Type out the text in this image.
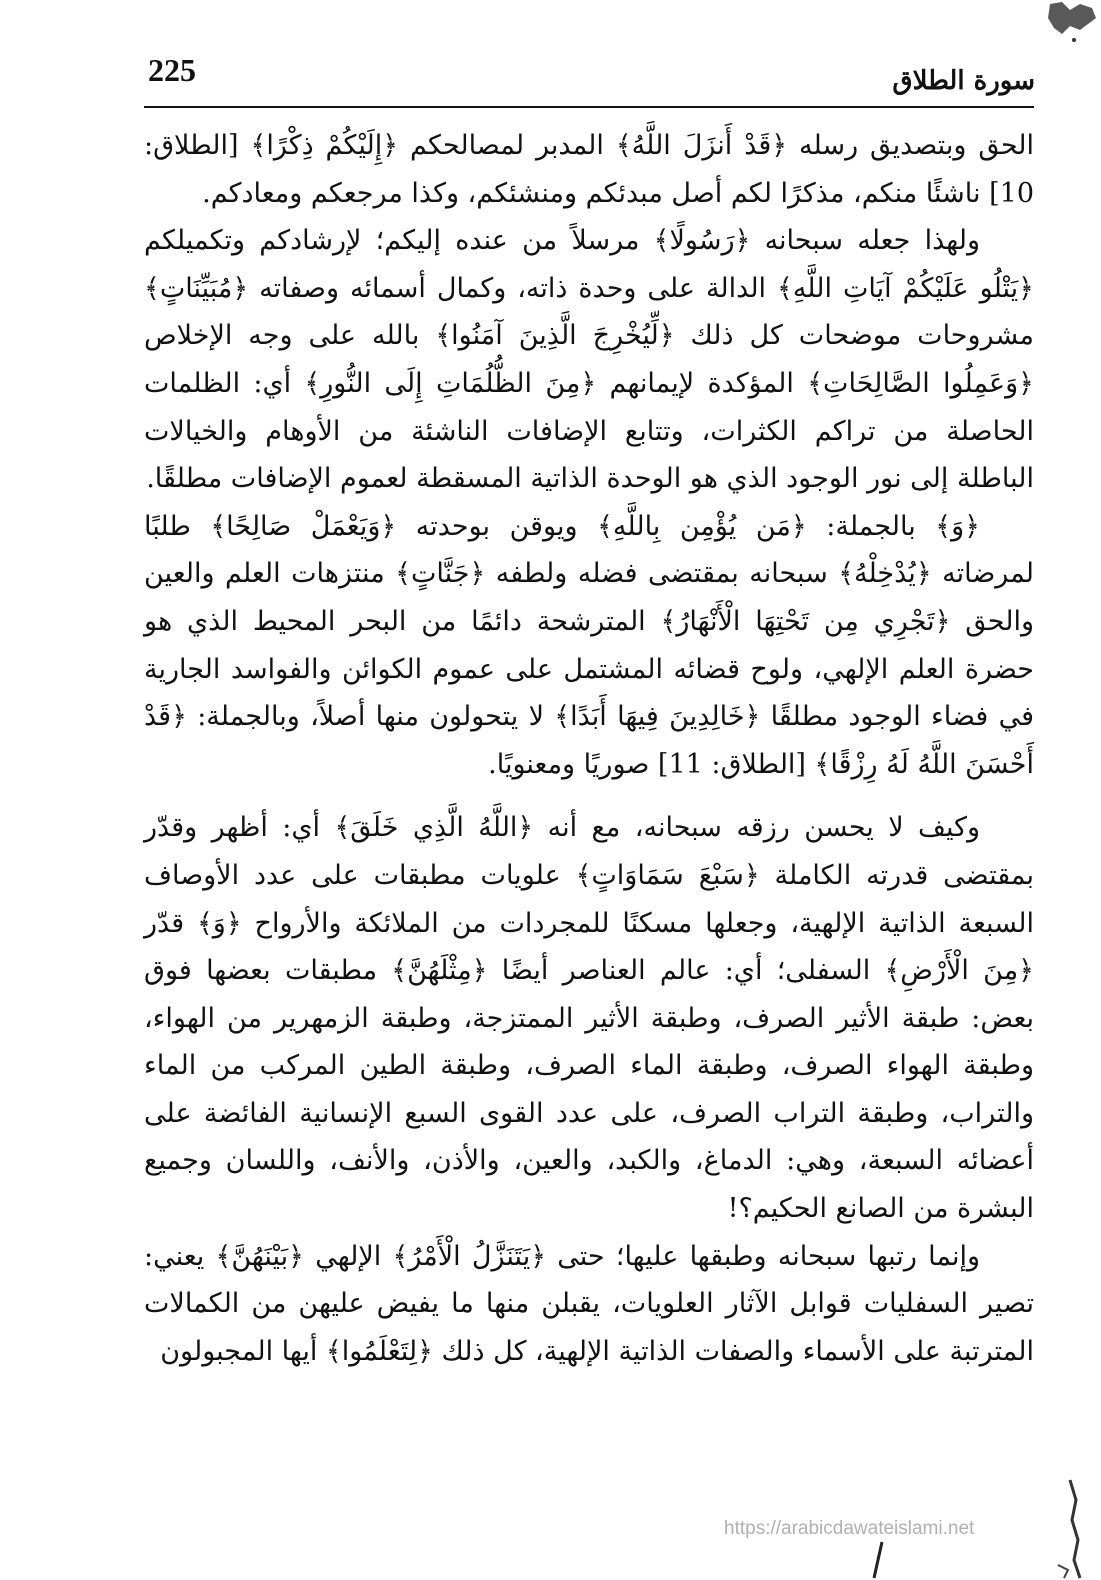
225	سورة الطلاق

الحق وبتصديق رسله ﴿قَدْ أَنزَلَ اللَّهُ﴾ المدبر لمصالحكم ﴿إِلَيْكُمْ ذِكْرًا﴾ [الطلاق: 10] ناشئًا منكم، مذكرًا لكم أصل مبدئكم ومنشئكم، وكذا مرجعكم ومعادكم.

ولهذا جعله سبحانه ﴿رَسُولًا﴾ مرسلاً من عنده إليكم؛ لإرشادكم وتكميلكم ﴿يَتْلُو عَلَيْكُمْ آيَاتِ اللَّهِ﴾ الدالة على وحدة ذاته، وكمال أسمائه وصفاته ﴿مُبَيِّنَاتٍ﴾ مشروحات موضحات كل ذلك ﴿لِّيُخْرِجَ الَّذِينَ آمَنُوا﴾ بالله على وجه الإخلاص ﴿وَعَمِلُوا الصَّالِحَاتِ﴾ المؤكدة لإيمانهم ﴿مِنَ الظُّلُمَاتِ إِلَى النُّورِ﴾ أي: الظلمات الحاصلة من تراكم الكثرات، وتتابع الإضافات الناشئة من الأوهام والخيالات الباطلة إلى نور الوجود الذي هو الوحدة الذاتية المسقطة لعموم الإضافات مطلقًا.

﴿وَ﴾ بالجملة: ﴿مَن يُؤْمِن بِاللَّهِ﴾ ويوقن بوحدته ﴿وَيَعْمَلْ صَالِحًا﴾ طلبًا لمرضاته ﴿يُدْخِلْهُ﴾ سبحانه بمقتضى فضله ولطفه ﴿جَنَّاتٍ﴾ منتزهات العلم والعين والحق ﴿تَجْرِي مِن تَحْتِهَا الْأَنْهَارُ﴾ المترشحة دائمًا من البحر المحيط الذي هو حضرة العلم الإلهي، ولوح قضائه المشتمل على عموم الكوائن والفواسد الجارية في فضاء الوجود مطلقًا ﴿خَالِدِينَ فِيهَا أَبَدًا﴾ لا يتحولون منها أصلاً، وبالجملة: ﴿قَدْ أَحْسَنَ اللَّهُ لَهُ رِزْقًا﴾ [الطلاق: 11] صوريًا ومعنويًا.

وكيف لا يحسن رزقه سبحانه، مع أنه ﴿اللَّهُ الَّذِي خَلَقَ﴾ أي: أظهر وقدّر بمقتضى قدرته الكاملة ﴿سَبْعَ سَمَاوَاتٍ﴾ علويات مطبقات على عدد الأوصاف السبعة الذاتية الإلهية، وجعلها مسكنًا للمجردات من الملائكة والأرواح ﴿وَ﴾ قدّر ﴿مِنَ الْأَرْضِ﴾ السفلى؛ أي: عالم العناصر أيضًا ﴿مِثْلَهُنَّ﴾ مطبقات بعضها فوق بعض: طبقة الأثير الصرف، وطبقة الأثير الممتزجة، وطبقة الزمهرير من الهواء، وطبقة الهواء الصرف، وطبقة الماء الصرف، وطبقة الطين المركب من الماء والتراب، وطبقة التراب الصرف، على عدد القوى السبع الإنسانية الفائضة على أعضائه السبعة، وهي: الدماغ، والكبد، والعين، والأذن، والأنف، واللسان وجميع البشرة من الصانع الحكيم؟!

وإنما رتبها سبحانه وطبقها عليها؛ حتى ﴿يَتَنَزَّلُ الْأَمْرُ﴾ الإلهي ﴿بَيْنَهُنَّ﴾ يعني: تصير السفليات قوابل الآثار العلويات، يقبلن منها ما يفيض عليهن من الكمالات المترتبة على الأسماء والصفات الذاتية الإلهية، كل ذلك ﴿لِتَعْلَمُوا﴾ أيها المجبولون

https://arabicdawateislami.net
